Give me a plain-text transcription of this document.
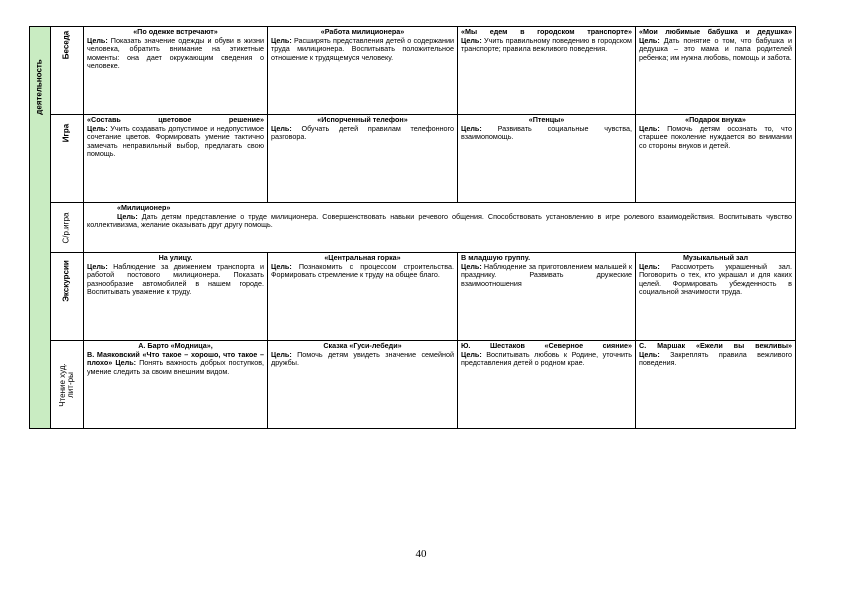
деятельность	Беседа	«По одежке встречают»
Цель: Показать значение одежды и обуви в жизни человека, обратить внимание на этикетные моменты: она дает окружающим сведения о человеке.	«Работа милиционера»
Цель: Расширять представления детей о содержании труда милиционера. Воспитывать положительное отношение к трудящемуся человеку.	«Мы едем в городском транспорте»
Цель: Учить правильному поведению в городском транспорте; правила вежливого поведения.	«Мои любимые бабушка и дедушка»
Цель: Дать понятие о том, что бабушка и дедушка – это мама и папа родителей ребенка; им нужна любовь, помощь и забота.

	Игра	«Составь цветовое решение»
Цель: Учить создавать допустимое и недопустимое сочетание цветов. Формировать умение тактично замечать неправильный выбор, предлагать свою помощь.	«Испорченный телефон»
Цель: Обучать детей правилам телефонного разговора.	«Птенцы»
Цель: Развивать социальные чувства, взаимопомощь.	«Подарок внука»
Цель: Помочь детям осознать то, что старшее поколение нуждается во внимании со стороны внуков и детей.

	С/р.игра	«Милиционер»
Цель: Дать детям представление о труде милиционера. Совершенствовать навыки речевого общения. Способствовать установлению в игре ролевого взаимодействия. Воспитывать чувство коллективизма, желание оказывать друг другу помощь.			

	Экскурсии	На улицу.
Цель: Наблюдение за движением транспорта и работой постового милиционера. Показать разнообразие автомобилей в нашем городе. Воспитывать уважение к труду.	«Центральная горка»
Цель: Познакомить с процессом строительства. Формировать стремление к труду на общее благо.	В младшую группу.
Цель: Наблюдение за приготовлением малышей к празднику. Развивать дружеские взаимоотношения	Музыкальный зал
Цель: Рассмотреть украшенный зал. Поговорить о тех, кто украшал и для каких целей. Формировать убежденность в социальной значимости труда.

	Чтение худ. лит-ры	А. Барто «Модница»,
В. Маяковский «Что такое – хорошо, что такое – плохо» Цель: Понять важность добрых поступков, умение следить за своим внешним видом.	Сказка «Гуси-лебеди»
Цель: Помочь детям увидеть значение семейной дружбы.	Ю. Шестаков «Северное сияние»
Цель: Воспитывать любовь к Родине, уточнить представления детей о родном крае.	С. Маршак «Ежели вы вежливы»
Цель: Закреплять правила вежливого поведения.
40
